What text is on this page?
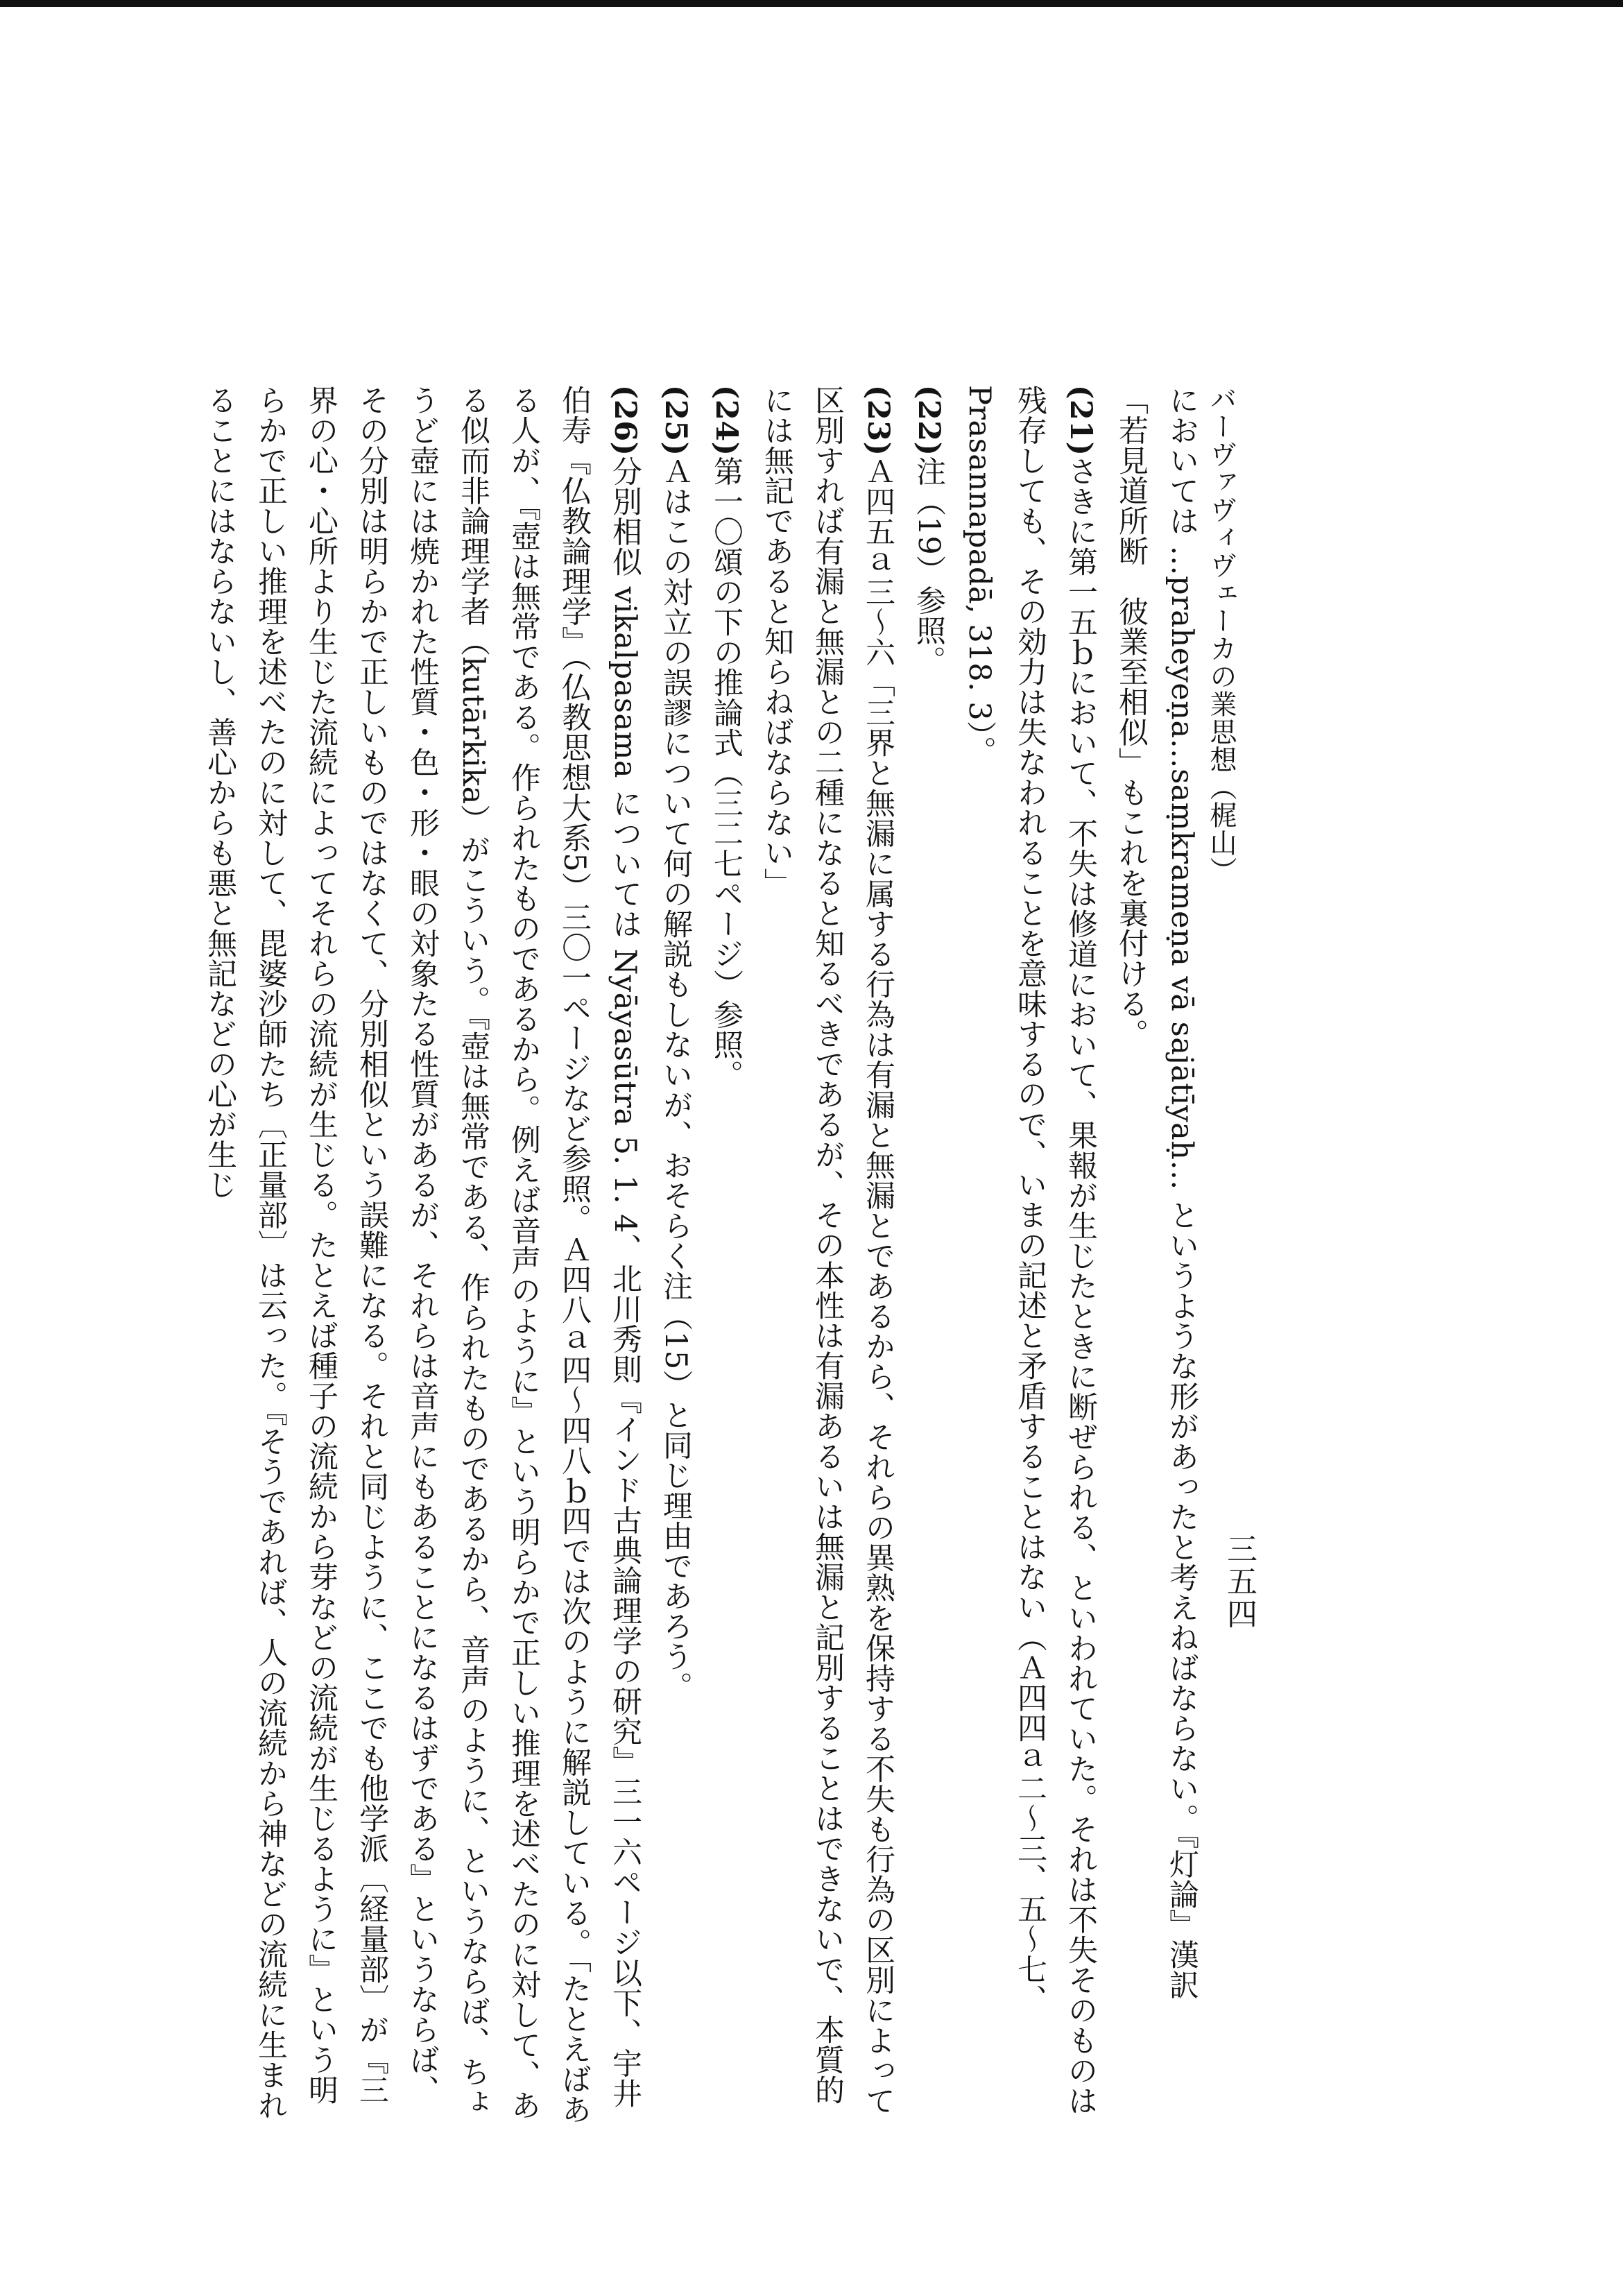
三五四
バーヴァヴィヴェーカの業思想（梶山）

においては …praheyeṇa…saṃkrameṇa vā sajātīyaḥ… というような形があったと考えねばならない。『灯論』漢訳

「若見道所断　彼業至相似」もこれを裏付ける。

(21)さきに第一五ｂにおいて、不失は修道において、果報が生じたときに断ぜられる、といわれていた。それは不失そのものは残存しても、その効力は失なわれることを意味するので、いまの記述と矛盾することはない（Ａ四四ａ二〜三、五〜七、Prasannapadā, 318. 3）。

(22)注（19）参照。

(23)Ａ四五ａ三〜六「三界と無漏に属する行為は有漏と無漏とであるから、それらの異熟を保持する不失も行為の区別によって区別すれば有漏と無漏との二種になると知るべきであるが、その本性は有漏あるいは無漏と記別することはできないで、本質的には無記であると知らねばならない」

(24)第一〇頌の下の推論式（三二七ページ）参照。

(25)Ａはこの対立の誤謬について何の解説もしないが、おそらく注（15）と同じ理由であろう。

(26)分別相似 vikalpasama については Nyāyasūtra 5. 1. 4、北川秀則『インド古典論理学の研究』三一六ページ以下、宇井伯寿『仏教論理学』（仏教思想大系5）三〇一ページなど参照。Ａ四八ａ四〜四八ｂ四では次のように解説している。「たとえばある人が、『壺は無常である。作られたものであるから。例えば音声のように』という明らかで正しい推理を述べたのに対して、ある似而非論理学者（kutārkika）がこういう。『壺は無常である、作られたものであるから、音声のように、というならば、ちょうど壺には焼かれた性質・色・形・眼の対象たる性質があるが、それらは音声にもあることになるはずである』というならば、その分別は明らかで正しいものではなくて、分別相似という誤難になる。それと同じように、ここでも他学派〔経量部〕が『三界の心・心所より生じた流続によってそれらの流続が生じる。たとえば種子の流続から芽などの流続が生じるように』という明らかで正しい推理を述べたのに対して、毘婆沙師たち〔正量部〕は云った。『そうであれば、人の流続から神などの流続に生まれることにはならないし、善心からも悪と無記などの心が生じ
